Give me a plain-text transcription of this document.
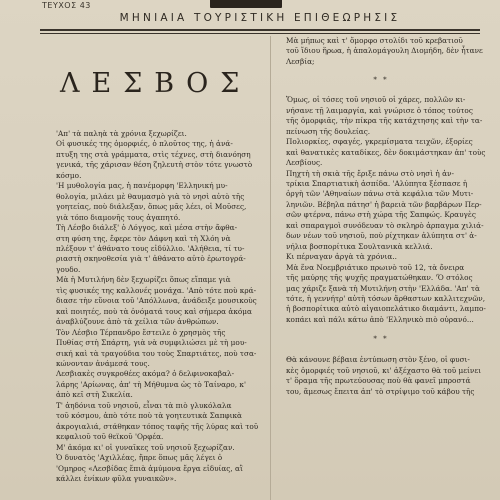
ΤΕΥΧΟΣ 43
ΜΗΝΙΑΙΑ ΤΟΥΡΙΣΤΙΚΗ ΕΠΙΘΕΩΡΗΣΙΣ
ΛΕΣΒΟΣ

'Απ' τὰ παληὰ τὰ χρόνια ξεχωρίζει.

Οἱ φυσικές της ὀμορφιές, ὁ πλοῦτος της, ἡ ἀνά-

πτυξη της στὰ γράμματα, στὶς τέχνες, στὴ διανόηση

γενικά, τῆς χάρισαν θέση ζηλευτὴ στὸν τότε γνωστὸ

κόσμο.

'Η μυθολογία μας, ἡ πανέμορφη 'Ελληνική μυ-

θολογία, μιλάει μὲ θαυμασμὸ γιὰ τὸ νησὶ αὐτὸ τῆς

γοητείας, ποὺ διάλεξαν, ὅπως μᾶς λέει, οἱ Μοῦσες,

γιὰ τόπο διαμονῆς τους ἀγαπητό.

Τὴ Λέσβο διάλεξ' ὁ Λόγγος, καὶ μέσα στὴν ἄφθα-

στη φύση της, ἔφερε τὸν Δάφνη καὶ τὴ Χλόη νὰ

πλέξουν τ' ἀθάνατο τους εἰδύλλιο. 'Αλήθεια, τί τυ-

ριαστὴ σκηνοθεσία γιὰ τ' ἀθάνατο αὐτὸ ἐρωτογρά-

γουδο.

Μὰ ἡ Μυτιλήνη δὲν ξεχωρίζει ὅπως εἴπαμε γιὰ

τὶς φυσικές της καλλονές μονάχα. 'Απὸ τότε ποὺ κρά-

διασε τὴν εὔνοια τοῦ 'Απόλλωνα, ἀνάδειξε μουσικοὺς

καὶ ποιητές, ποὺ τὰ ὀνόματά τους καὶ σήμερα ἀκόμα

ἀναβλύζουνε ἀπὸ τὰ χείλια τῶν ἀνθρώπων.

Τὸν Λέσβιο Τέρπανδρο ἔστειλε ὁ χρησμὸς τῆς

Πυθίας στὴ Σπάρτη, γιὰ νὰ συμφιλιώσει μὲ τὴ μου-

σική καὶ τὰ τραγούδια του τοὺς Σπαρτιάτες, ποὺ τσα-

κώνονταν ἀνάμεσά τους.

Λεσβιακὲς συγκροθέες ακόμα? ὁ δελφινοκαβαλ-

λάρης 'Αρίωνας, ἀπ' τὴ Μήθυμνα ὡς τὸ Ταίναρο, κ'

ἀπὸ κεῖ στὴ Σικελία.

Τ' ἀηδόνια τοῦ νησιοῦ, εἶναι τὰ πιὸ γλυκόλαλα

τοῦ κόσμου, ἀπὸ τότε ποὺ τὰ γοητευτικὰ Σαπφικὰ

ἀκρογιαλιά, στάθηκαν τόπος ταφῆς τῆς λύρας καὶ τοῦ

κεφαλιοῦ τοῦ θεϊκοῦ 'Ορφέα.

Μ' ἀκόμα κι' οἱ γυναῖκες τοῦ νησιοῦ ξεχωρίζαν.

Ὁ δυνατὸς 'Αχιλλέας, ἤπρε ὅπως μᾶς λέγει ὁ

'Ομηρος «Λεσβίδας ἔπιὰ ἀμύμονα ἔργα εἰδυίας, αἳ

κάλλει ἐνίκων φῦλα γυναικῶν».

Μὰ μήπως καὶ τ' ὄμορφο στολίδι τοῦ κρεβατιοῦ

τοῦ ἴδιου ἥρωα, ἡ ἀπαλομάγουλη Διομήδη, δὲν ἦτανε

Λεσβία;

* *

Ὅμως, οἱ τόσες τοῦ νησιοῦ οἱ χάρες, πολλῶν κι-

νήσανε τῇ λαιμαργία, καὶ γνώρισε ὁ τόπος τούτος

τῆς ὀμορφιᾶς, τὴν πίκρα τῆς κατάχτησης καὶ τὴν τα-

πείνωση τῆς δουλείας.

Πολιορκίες, σφαγές, γκρεμίσματα τειχῶν, ἐξορίες

καὶ θανατικὲς καταδίκες, δὲν δοκιμάστηκαν ἀπ' τοὺς

Λεσβίους.

Πηχτὴ τὴ σκιὰ τῆς ἔριξε πάνω στὸ νησὶ ἡ ἀν-

τρίκια Σπαρτιατικὴ ἀσπίδα. 'Αλύπητα ξέσπασε ἡ

ὀργὴ τῶν 'Αθηναίων πάνω στὰ κεφάλια τῶν Μυτι-

ληνιῶν. Βέβηλα πάτησ' ἡ βαρειὰ τῶν βαρβάρων Περ-

σῶν φτέρνα, πάνω στὴ χώρα τῆς Σαπφώς. Κραυγὲς

καὶ σπαραγμοὶ συνόδευαν τὸ σκληρὸ ἀρπαγμα χιλιά-

δων νέων τοῦ νησιοῦ, ποὺ ρίχτηκαν ἀλύπητα στ' ἀ-

νήλια βοσπορίτικα Σουλτανικὰ κελλιά.

Κι πέρναγαν ἀργὰ τὰ χρόνια..

Μὰ ἕνα Νοεμβριάτικο πρωινὸ τοῦ 12, τὰ ὄνειρα

τῆς μαύρης τῆς ψυχῆς πραγματώθηκαν. 'Ὁ στόλος

μας χάριζε ξανὰ τὴ Μυτιλήνη στὴν 'Ελλάδα. 'Απ' τὰ

τότε, ἡ γεννήτρ' αὐτὴ τόσων ἄρθαστων καλλιτεχνῶν,

ἡ βοσπορίτικα αὐτὸ αἰγαιοπελάτικο διαμάντι, λαμπο-

κοπάει καὶ πάλι κάτω ἀπὸ 'Ελληνικὸ πιὸ οὐρανό...

* *

Θὰ κάνουνε βέβαια ἐντύπωση στὸν ξένο, οἱ φυσι-

κὲς ὀμορφιές τοῦ νησιοῦ, κι' ἀξέχαστο θὰ τοῦ μείνει

τ' ὅραμα τῆς πρωτεύουσας ποὺ θὰ φανεῖ μπροστά

του, ἅμεσως ἔπειτα ἀπ' τὸ στρίψιμο τοῦ κάβου τῆς
